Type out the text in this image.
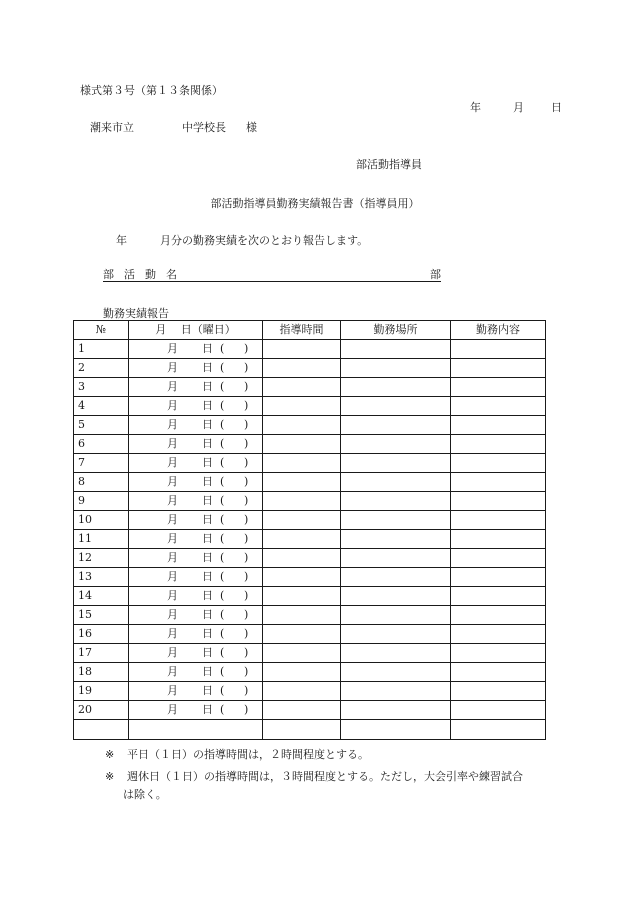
様式第３号（第１３条関係）
年	月 日
潮来市立	中学校長 様
部活動指導員
部活動指導員勤務実績報告書（指導員用）
年	月分の勤務実績を次のとおり報告します。
部活動名	部
勤務実績報告
№	月　 日（曜日）	指導時間	勤務場所	勤務内容
1	月 日 ( )			

2	月 日 ( )			

3	月 日 ( )			

4	月 日 ( )			

5	月 日 ( )			

6	月 日 ( )			

7	月 日 ( )			

8	月 日 ( )			

9	月 日 ( )			

10	月 日 ( )			

11	月 日 ( )			

12	月 日 ( )			

13	月 日 ( )			

14	月 日 ( )			

15	月 日 ( )			

16	月 日 ( )			

17	月 日 ( )			

18	月 日 ( )			

19	月 日 ( )			

20	月 日 ( )			

※ 平日（１日）の指導時間は，２時間程度とする。
※ 週休日（１日）の指導時間は，３時間程度とする。ただし，大会引率や練習試合
は除く。
